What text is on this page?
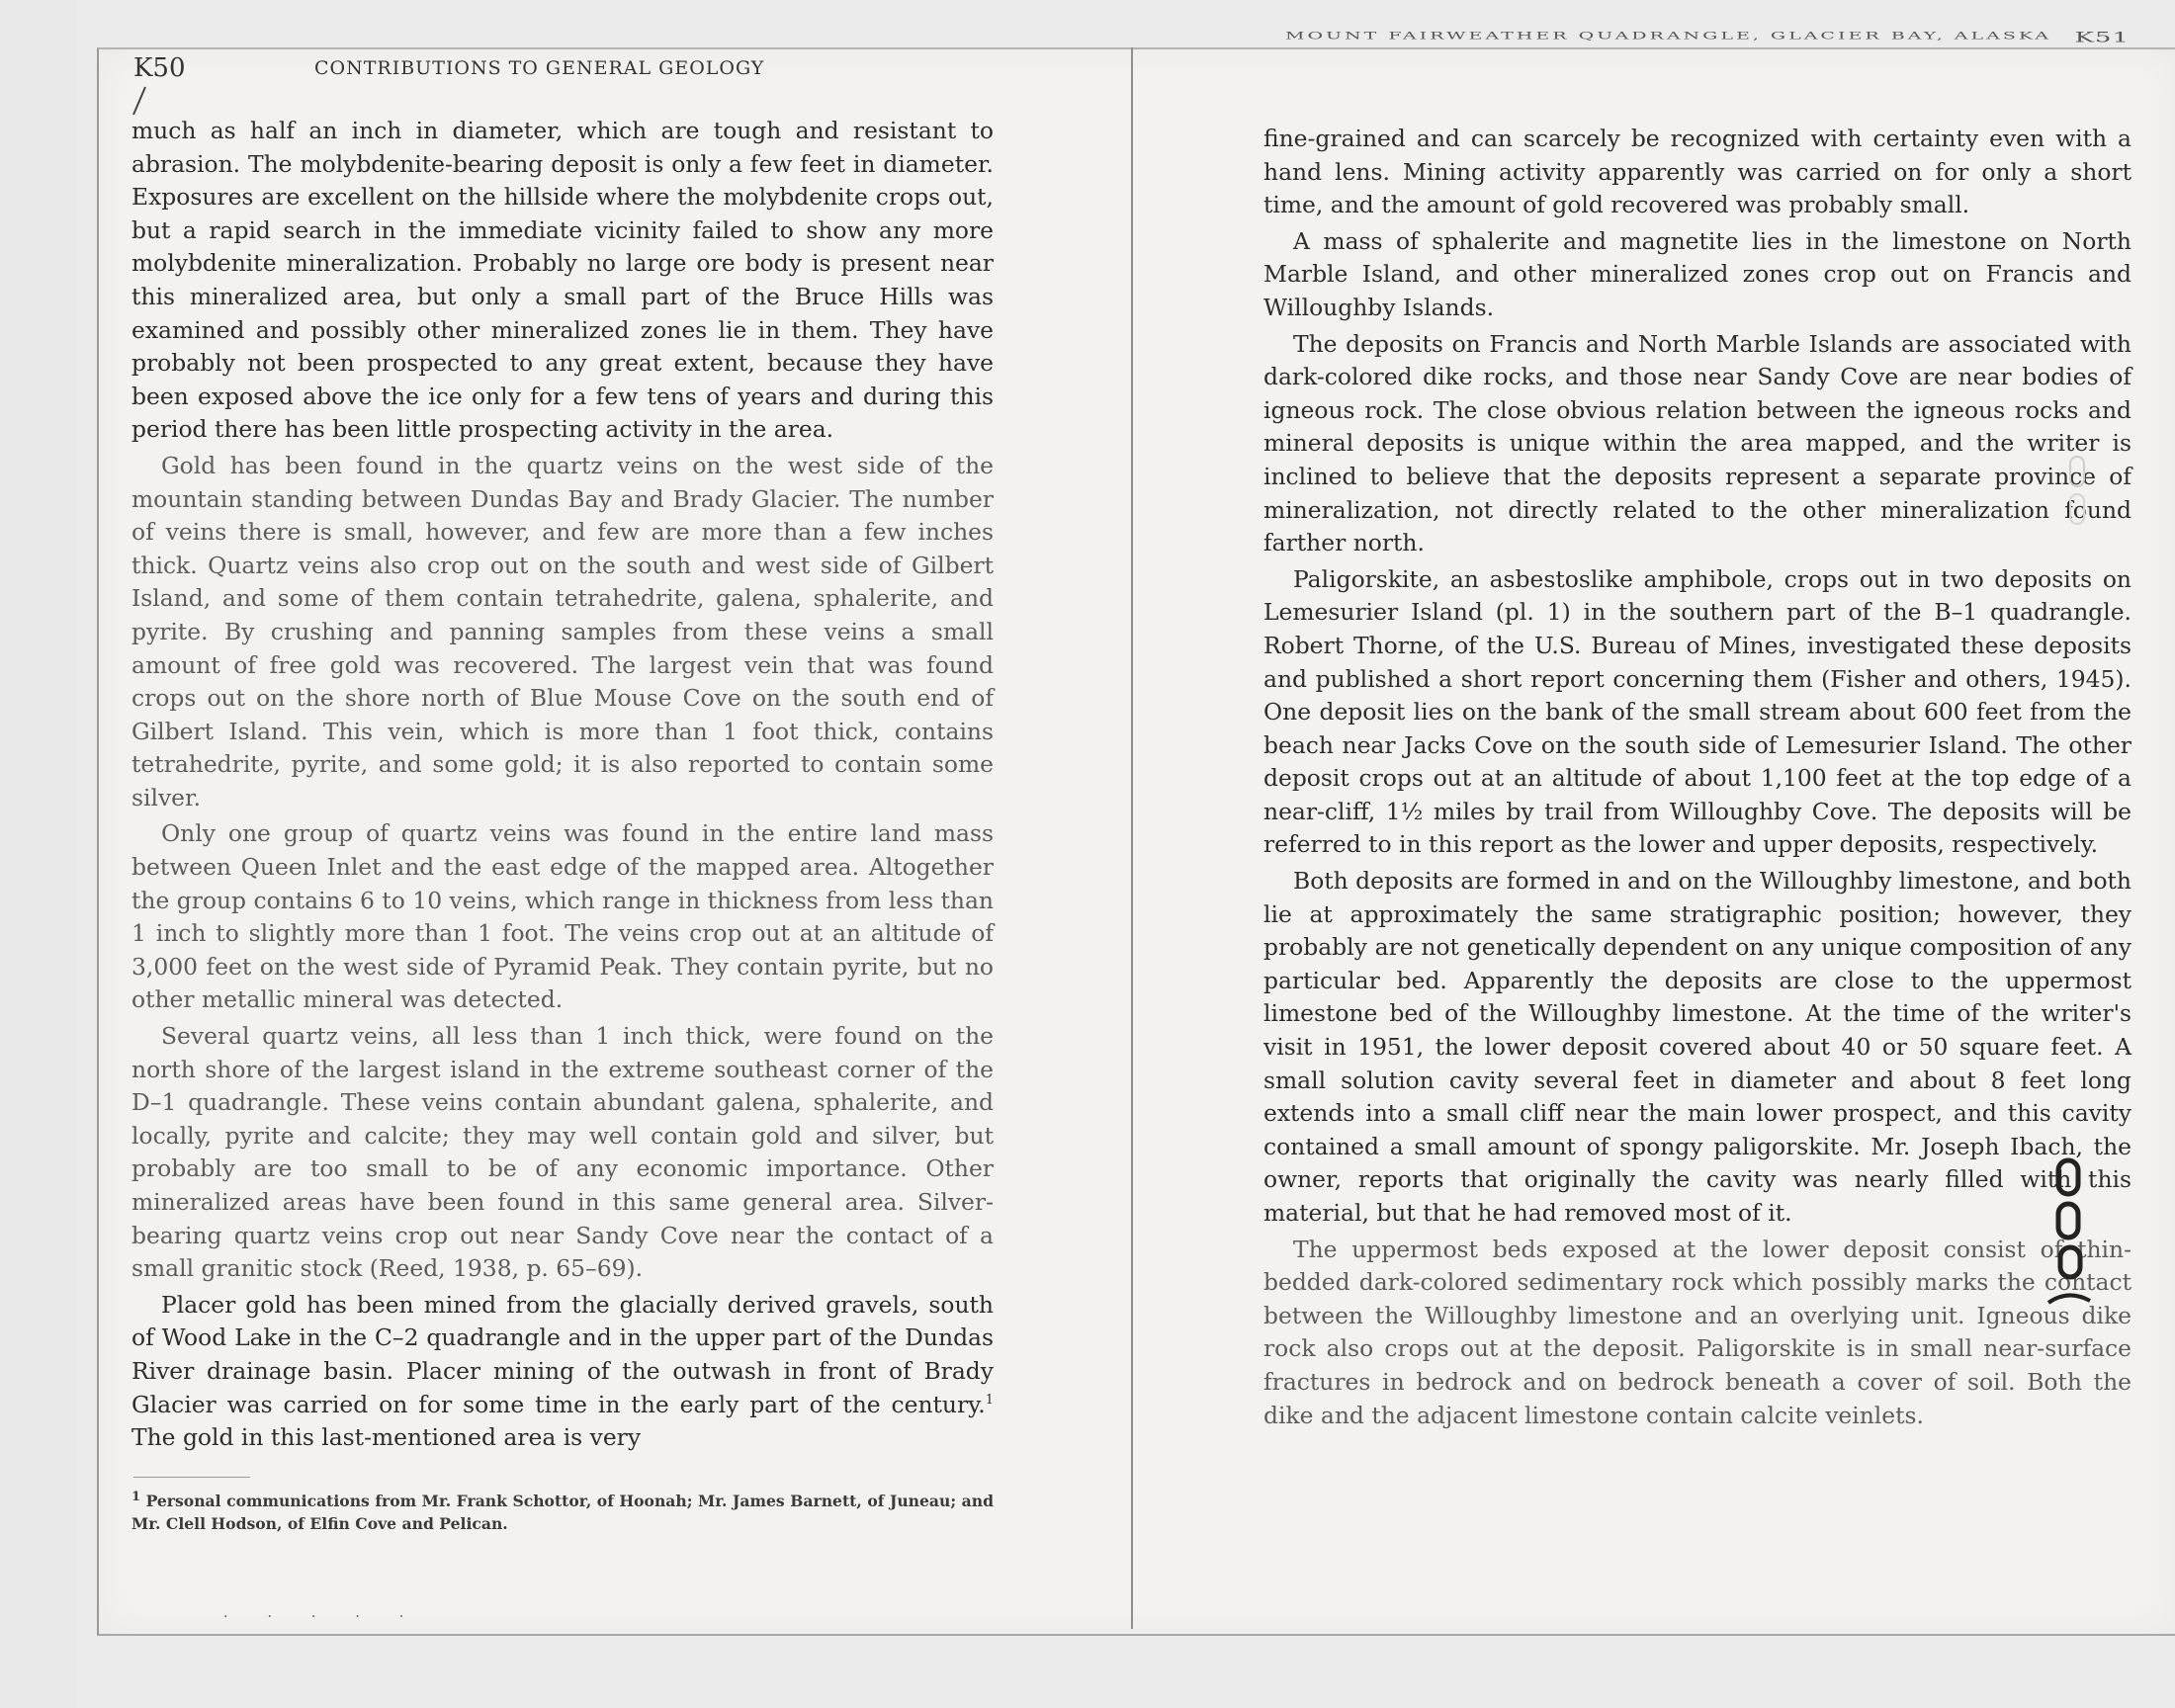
K50	CONTRIBUTIONS TO GENERAL GEOLOGY

much as half an inch in diameter, which are tough and resistant to abrasion. The molybdenite-bearing deposit is only a few feet in diameter. Exposures are excellent on the hillside where the molybdenite crops out, but a rapid search in the immediate vicinity failed to show any more molybdenite mineralization. Probably no large ore body is present near this mineralized area, but only a small part of the Bruce Hills was examined and possibly other mineralized zones lie in them. They have probably not been prospected to any great extent, because they have been exposed above the ice only for a few tens of years and during this period there has been little prospecting activity in the area.

Gold has been found in the quartz veins on the west side of the mountain standing between Dundas Bay and Brady Glacier. The number of veins there is small, however, and few are more than a few inches thick. Quartz veins also crop out on the south and west side of Gilbert Island, and some of them contain tetrahedrite, galena, sphalerite, and pyrite. By crushing and panning samples from these veins a small amount of free gold was recovered. The largest vein that was found crops out on the shore north of Blue Mouse Cove on the south end of Gilbert Island. This vein, which is more than 1 foot thick, contains tetrahedrite, pyrite, and some gold; it is also reported to contain some silver.

Only one group of quartz veins was found in the entire land mass between Queen Inlet and the east edge of the mapped area. Altogether the group contains 6 to 10 veins, which range in thickness from less than 1 inch to slightly more than 1 foot. The veins crop out at an altitude of 3,000 feet on the west side of Pyramid Peak. They contain pyrite, but no other metallic mineral was detected.

Several quartz veins, all less than 1 inch thick, were found on the north shore of the largest island in the extreme southeast corner of the D–1 quadrangle. These veins contain abundant galena, sphalerite, and locally, pyrite and calcite; they may well contain gold and silver, but probably are too small to be of any economic importance. Other mineralized areas have been found in this same general area. Silver-bearing quartz veins crop out near Sandy Cove near the contact of a small granitic stock (Reed, 1938, p. 65–69).

Placer gold has been mined from the glacially derived gravels, south of Wood Lake in the C–2 quadrangle and in the upper part of the Dundas River drainage basin. Placer mining of the outwash in front of Brady Glacier was carried on for some time in the early part of the century.$^1$ The gold in this last-mentioned area is very

$^1$ Personal communications from Mr. Frank Schottor, of Hoonah; Mr. James Barnett, of Juneau; and Mr. Clell Hodson, of Elfin Cove and Pelican.
MOUNT FAIRWEATHER QUADRANGLE, GLACIER BAY, ALASKA K51

fine-grained and can scarcely be recognized with certainty even with a hand lens. Mining activity apparently was carried on for only a short time, and the amount of gold recovered was probably small.

A mass of sphalerite and magnetite lies in the limestone on North Marble Island, and other mineralized zones crop out on Francis and Willoughby Islands.

The deposits on Francis and North Marble Islands are associated with dark-colored dike rocks, and those near Sandy Cove are near bodies of igneous rock. The close obvious relation between the igneous rocks and mineral deposits is unique within the area mapped, and the writer is inclined to believe that the deposits represent a separate province of mineralization, not directly related to the other mineralization found farther north.

Paligorskite, an asbestoslike amphibole, crops out in two deposits on Lemesurier Island (pl. 1) in the southern part of the B–1 quadrangle. Robert Thorne, of the U.S. Bureau of Mines, investigated these deposits and published a short report concerning them (Fisher and others, 1945). One deposit lies on the bank of the small stream about 600 feet from the beach near Jacks Cove on the south side of Lemesurier Island. The other deposit crops out at an altitude of about 1,100 feet at the top edge of a near-cliff, 1½ miles by trail from Willoughby Cove. The deposits will be referred to in this report as the lower and upper deposits, respectively.

Both deposits are formed in and on the Willoughby limestone, and both lie at approximately the same stratigraphic position; however, they probably are not genetically dependent on any unique composition of any particular bed. Apparently the deposits are close to the uppermost limestone bed of the Willoughby limestone. At the time of the writer's visit in 1951, the lower deposit covered about 40 or 50 square feet. A small solution cavity several feet in diameter and about 8 feet long extends into a small cliff near the main lower prospect, and this cavity contained a small amount of spongy paligorskite. Mr. Joseph Ibach, the owner, reports that originally the cavity was nearly filled with this material, but that he had removed most of it.

The uppermost beds exposed at the lower deposit consist of thin-bedded dark-colored sedimentary rock which possibly marks the contact between the Willoughby limestone and an overlying unit. Igneous dike rock also crops out at the deposit. Paligorskite is in small near-surface fractures in bedrock and on bedrock beneath a cover of soil. Both the dike and the adjacent limestone contain calcite veinlets.

·····
